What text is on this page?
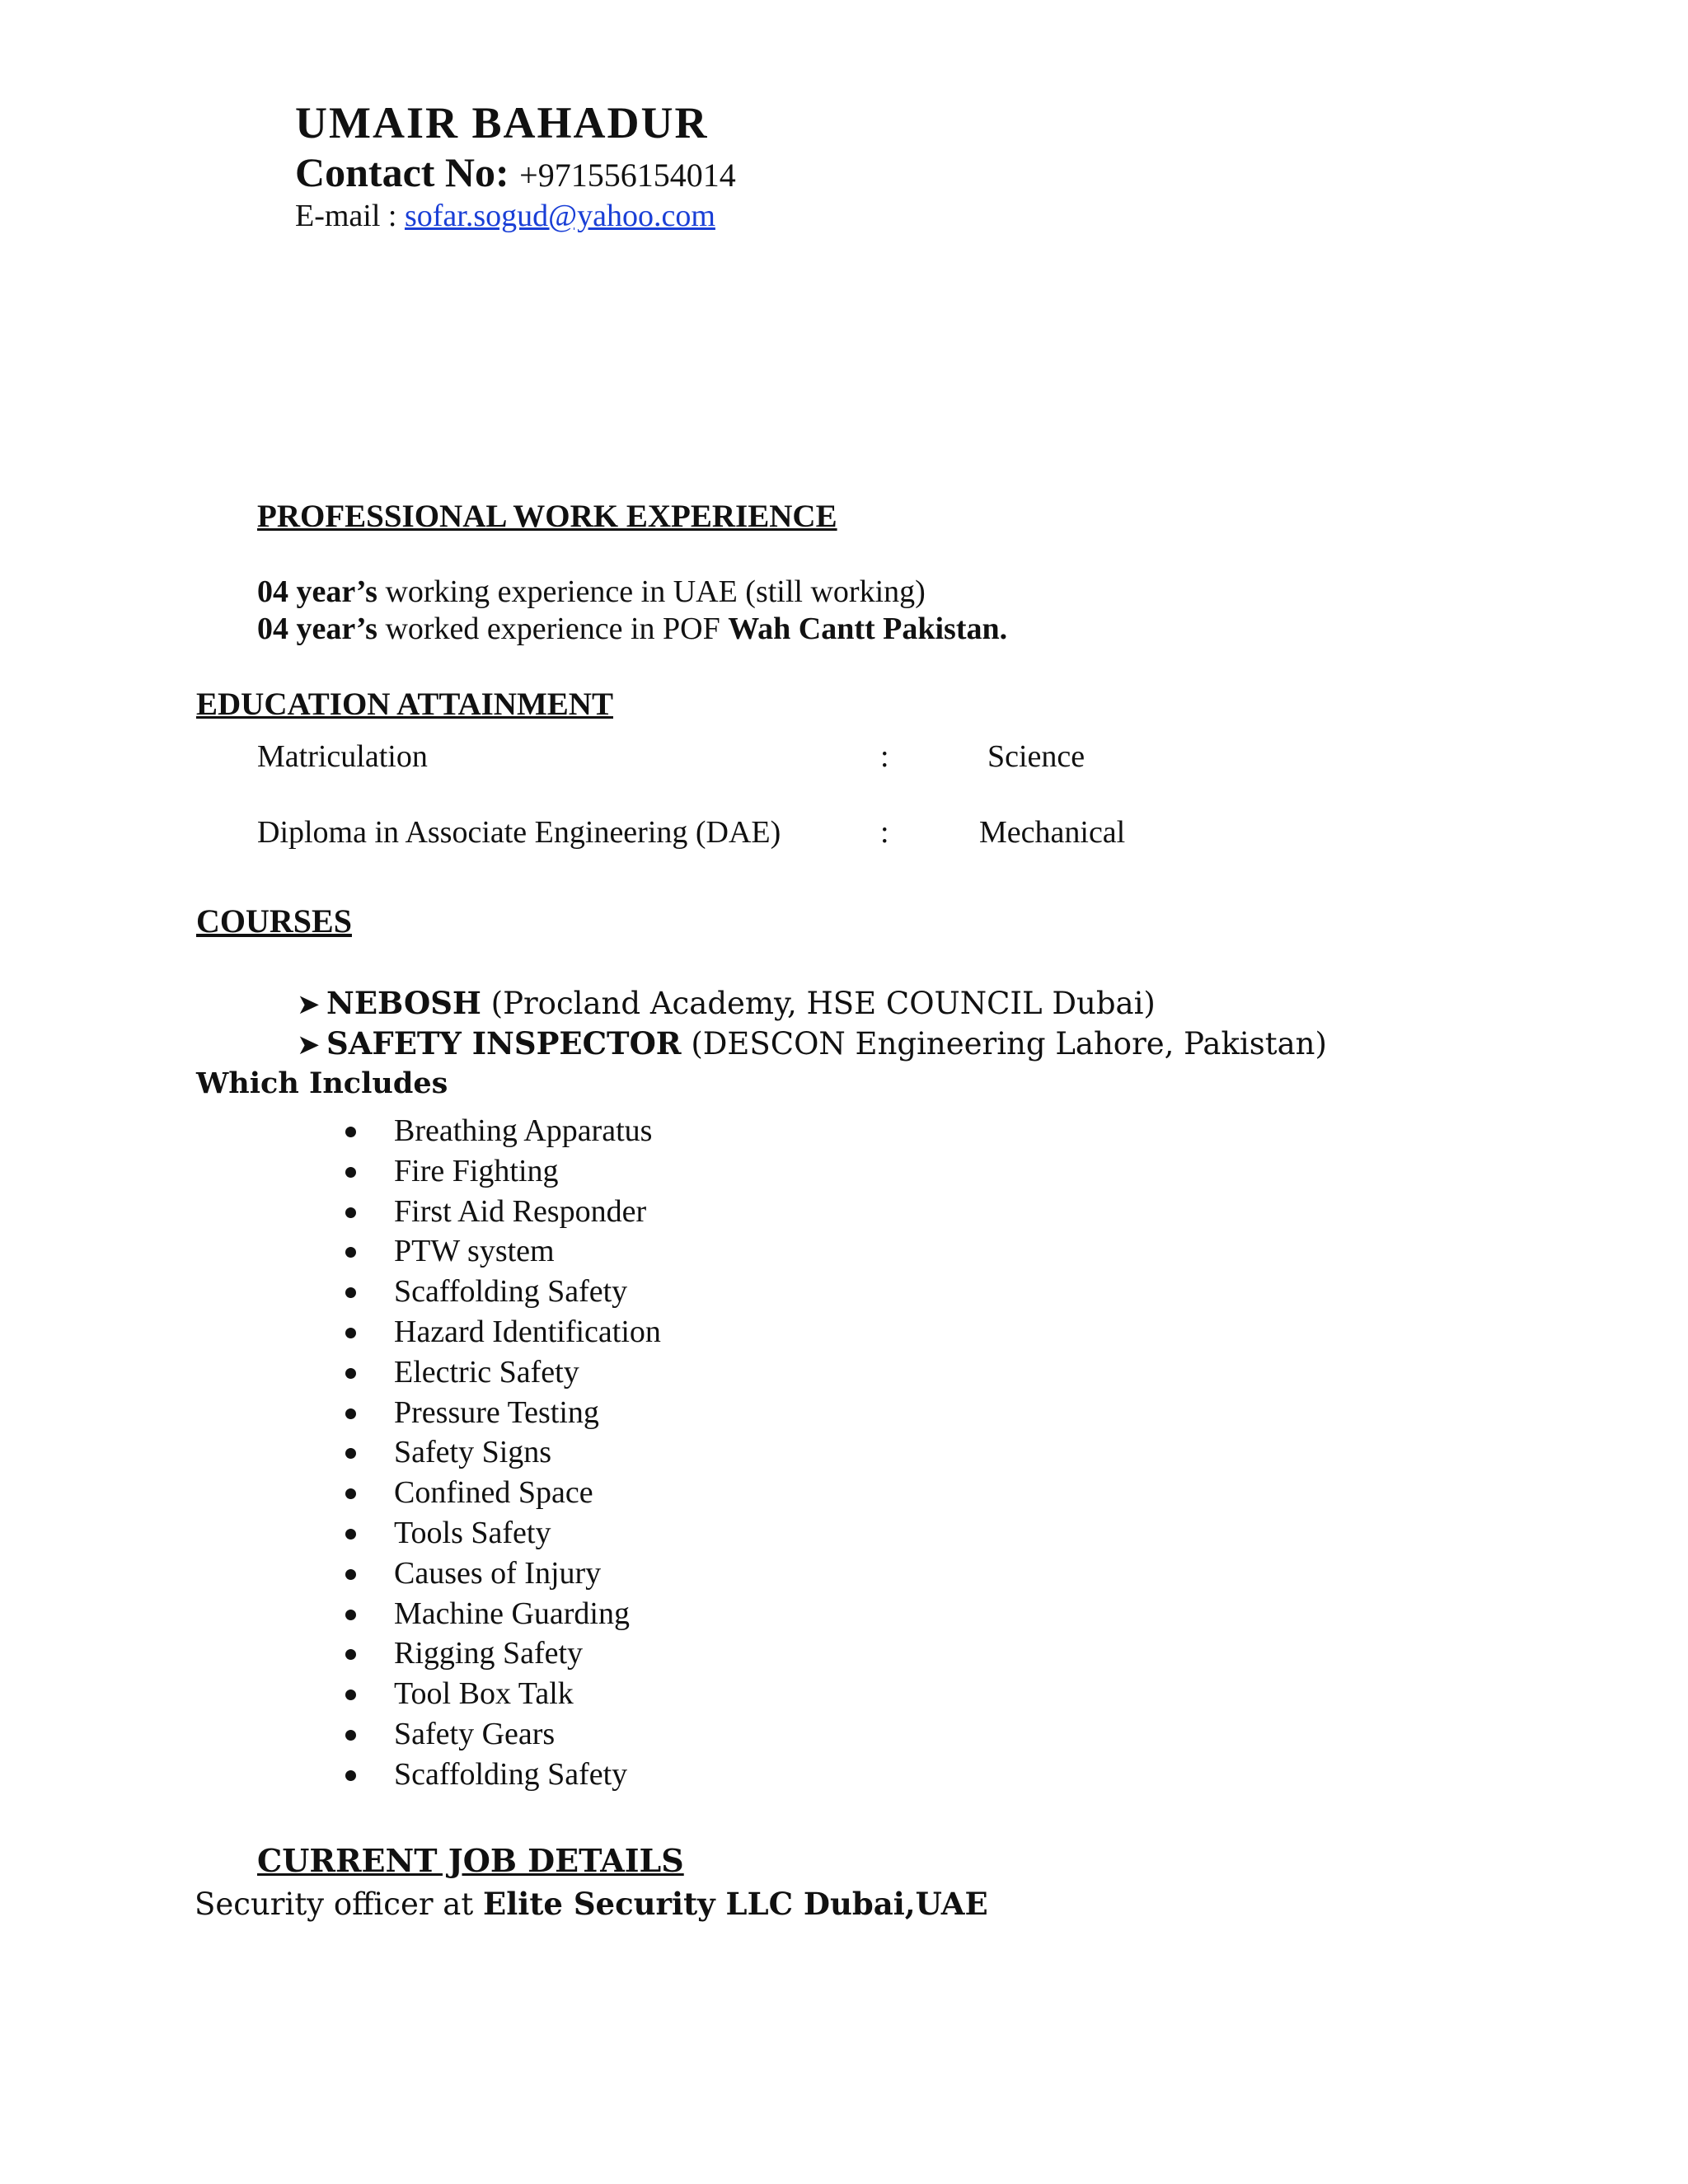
UMAIR BAHADUR
Contact No: +971556154014
E-mail : sofar.sogud@yahoo.com
PROFESSIONAL WORK EXPERIENCE
04 year’s working experience in UAE (still working)
04 year’s worked experience in POF Wah Cantt Pakistan.
EDUCATION ATTAINMENT
Matriculation	:	Science
Diploma in Associate Engineering (DAE)	:	Mechanical
COURSES
➤ NEBOSH (Procland Academy, HSE COUNCIL Dubai)
➤ SAFETY INSPECTOR (DESCON Engineering Lahore, Pakistan)
Which Includes
Breathing Apparatus
Fire Fighting
First Aid Responder
PTW system
Scaffolding Safety
Hazard Identification
Electric Safety
Pressure Testing
Safety Signs
Confined Space
Tools Safety
Causes of Injury
Machine Guarding
Rigging Safety
Tool Box Talk
Safety Gears
Scaffolding Safety
CURRENT JOB DETAILS
Security officer at Elite Security LLC Dubai,UAE
